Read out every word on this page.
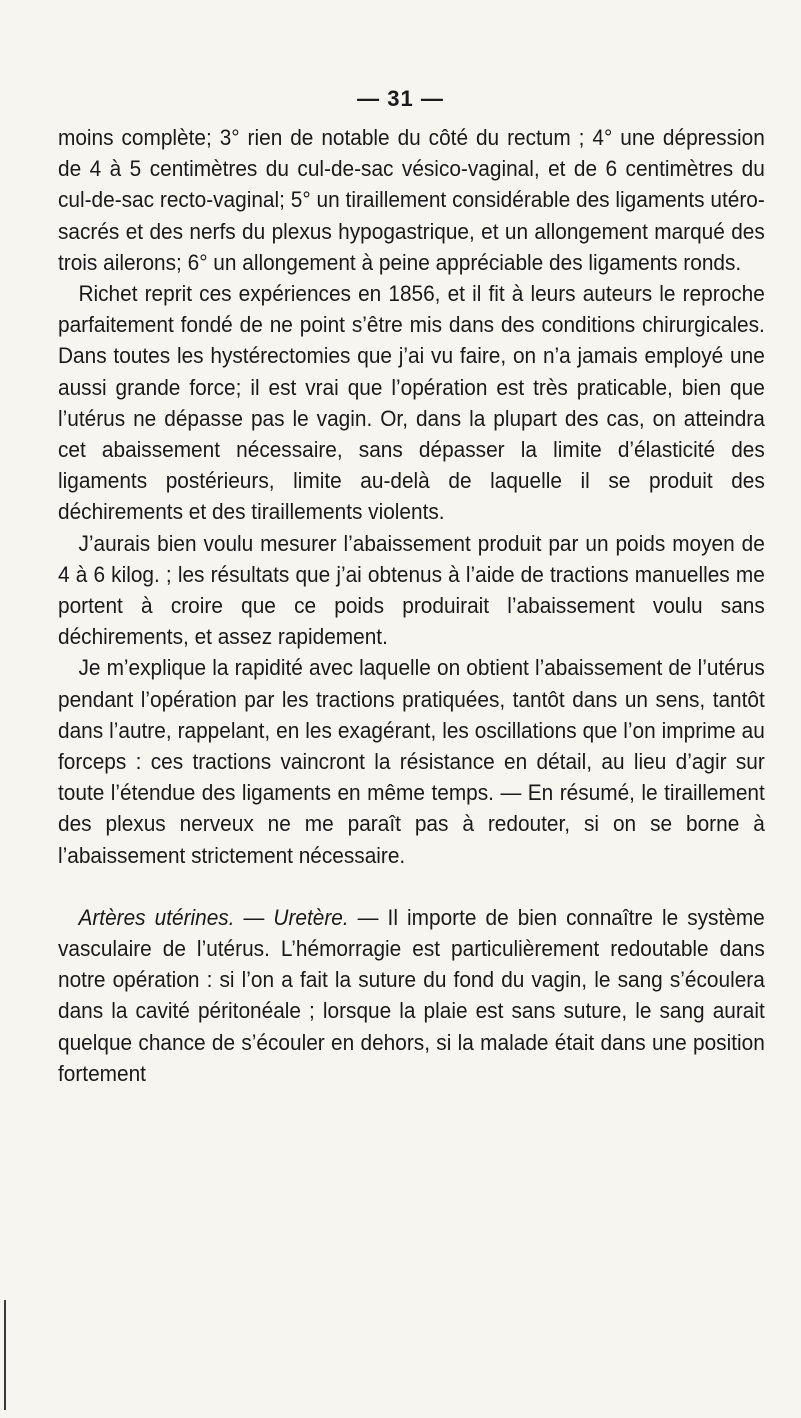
— 31 —

moins complète; 3° rien de notable du côté du rectum ; 4° une dépression de 4 à 5 centimètres du cul-de-sac vésico-vaginal, et de 6 centimètres du cul-de-sac recto-vaginal; 5° un tiraillement considérable des ligaments utéro-sacrés et des nerfs du plexus hypogastrique, et un allongement marqué des trois ailerons; 6° un allongement à peine appréciable des ligaments ronds.

Richet reprit ces expériences en 1856, et il fit à leurs auteurs le reproche parfaitement fondé de ne point s’être mis dans des conditions chirurgicales. Dans toutes les hystérectomies que j’ai vu faire, on n’a jamais employé une aussi grande force; il est vrai que l’opération est très praticable, bien que l’utérus ne dépasse pas le vagin. Or, dans la plupart des cas, on atteindra cet abaissement nécessaire, sans dépasser la limite d’élasticité des ligaments postérieurs, limite au-delà de laquelle il se produit des déchirements et des tiraillements violents.

J’aurais bien voulu mesurer l’abaissement produit par un poids moyen de 4 à 6 kilog. ; les résultats que j’ai obtenus à l’aide de tractions manuelles me portent à croire que ce poids produirait l’abaissement voulu sans déchirements, et assez rapidement.

Je m’explique la rapidité avec laquelle on obtient l’abaissement de l’utérus pendant l’opération par les tractions pratiquées, tantôt dans un sens, tantôt dans l’autre, rappelant, en les exagérant, les oscillations que l’on imprime au forceps : ces tractions vaincront la résistance en détail, au lieu d’agir sur toute l’étendue des ligaments en même temps. — En résumé, le tiraillement des plexus nerveux ne me paraît pas à redouter, si on se borne à l’abaissement strictement nécessaire.

Artères utérines. — Uretère. — Il importe de bien connaître le système vasculaire de l’utérus. L’hémorragie est particulièrement redoutable dans notre opération : si l’on a fait la suture du fond du vagin, le sang s’écoulera dans la cavité péritonéale ; lorsque la plaie est sans suture, le sang aurait quelque chance de s’écouler en dehors, si la malade était dans une position fortement
